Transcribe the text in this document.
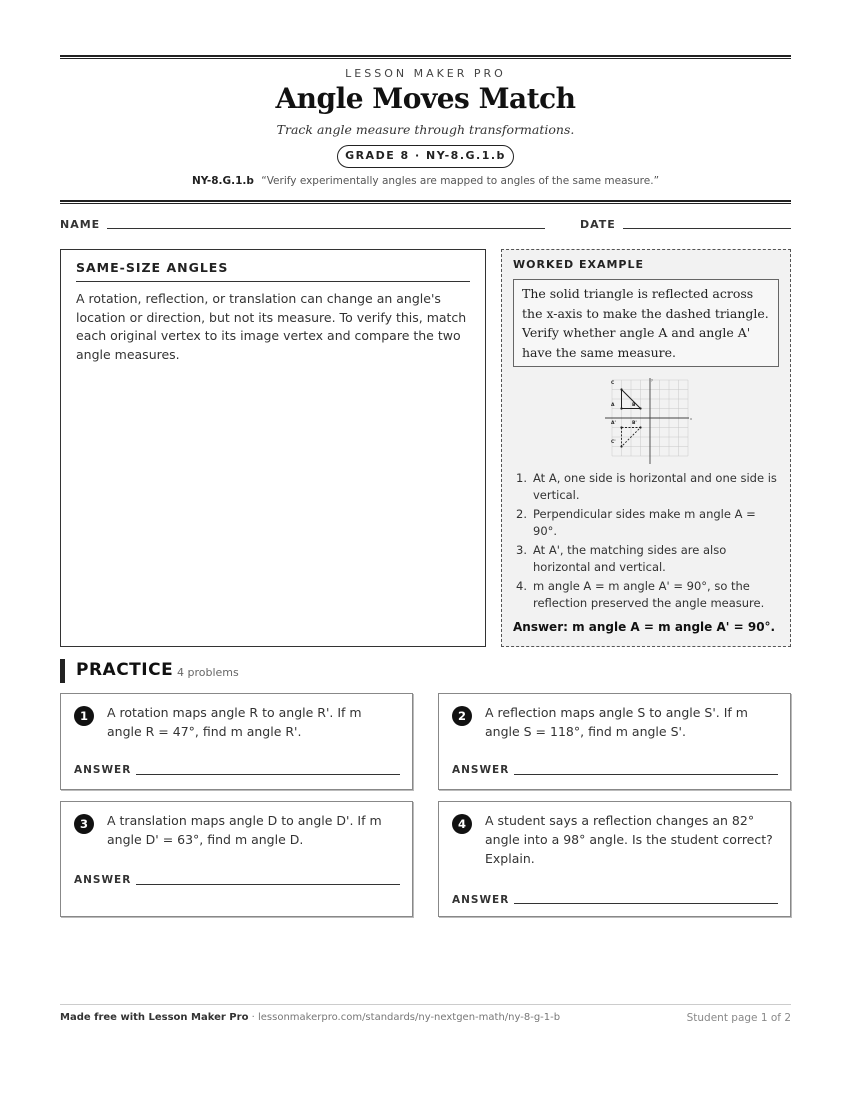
LESSON MAKER PRO
Angle Moves Match
Track angle measure through transformations.
GRADE 8 · NY-8.G.1.b
NY-8.G.1.b “Verify experimentally angles are mapped to angles of the same measure.”
NAME	DATE
SAME-SIZE ANGLES
A rotation, reflection, or translation can change an angle's location or direction, but not its measure. To verify this, match each original vertex to its image vertex and compare the two angle measures.
WORKED EXAMPLE
The solid triangle is reflected across the x-axis to make the dashed triangle. Verify whether angle A and angle A' have the same measure.
x
y
C
A	B
A'	B'
C'
1. At A, one side is horizontal and one side is vertical.
2. Perpendicular sides make m angle A = 90°.
3. At A', the matching sides are also horizontal and vertical.
4. m angle A = m angle A' = 90°, so the reflection preserved the angle measure.
Answer: m angle A = m angle A' = 90°.
PRACTICE 4 problems
1	A rotation maps angle R to angle R'. If m angle R = 47°, find m angle R'.
ANSWER
2	A reflection maps angle S to angle S'. If m angle S = 118°, find m angle S'.
ANSWER
3	A translation maps angle D to angle D'. If m angle D' = 63°, find m angle D.
ANSWER
4	A student says a reflection changes an 82° angle into a 98° angle. Is the student correct? Explain.
ANSWER
Made free with Lesson Maker Pro · lessonmakerpro.com/standards/ny-nextgen-math/ny-8-g-1-b	Student page 1 of 2
